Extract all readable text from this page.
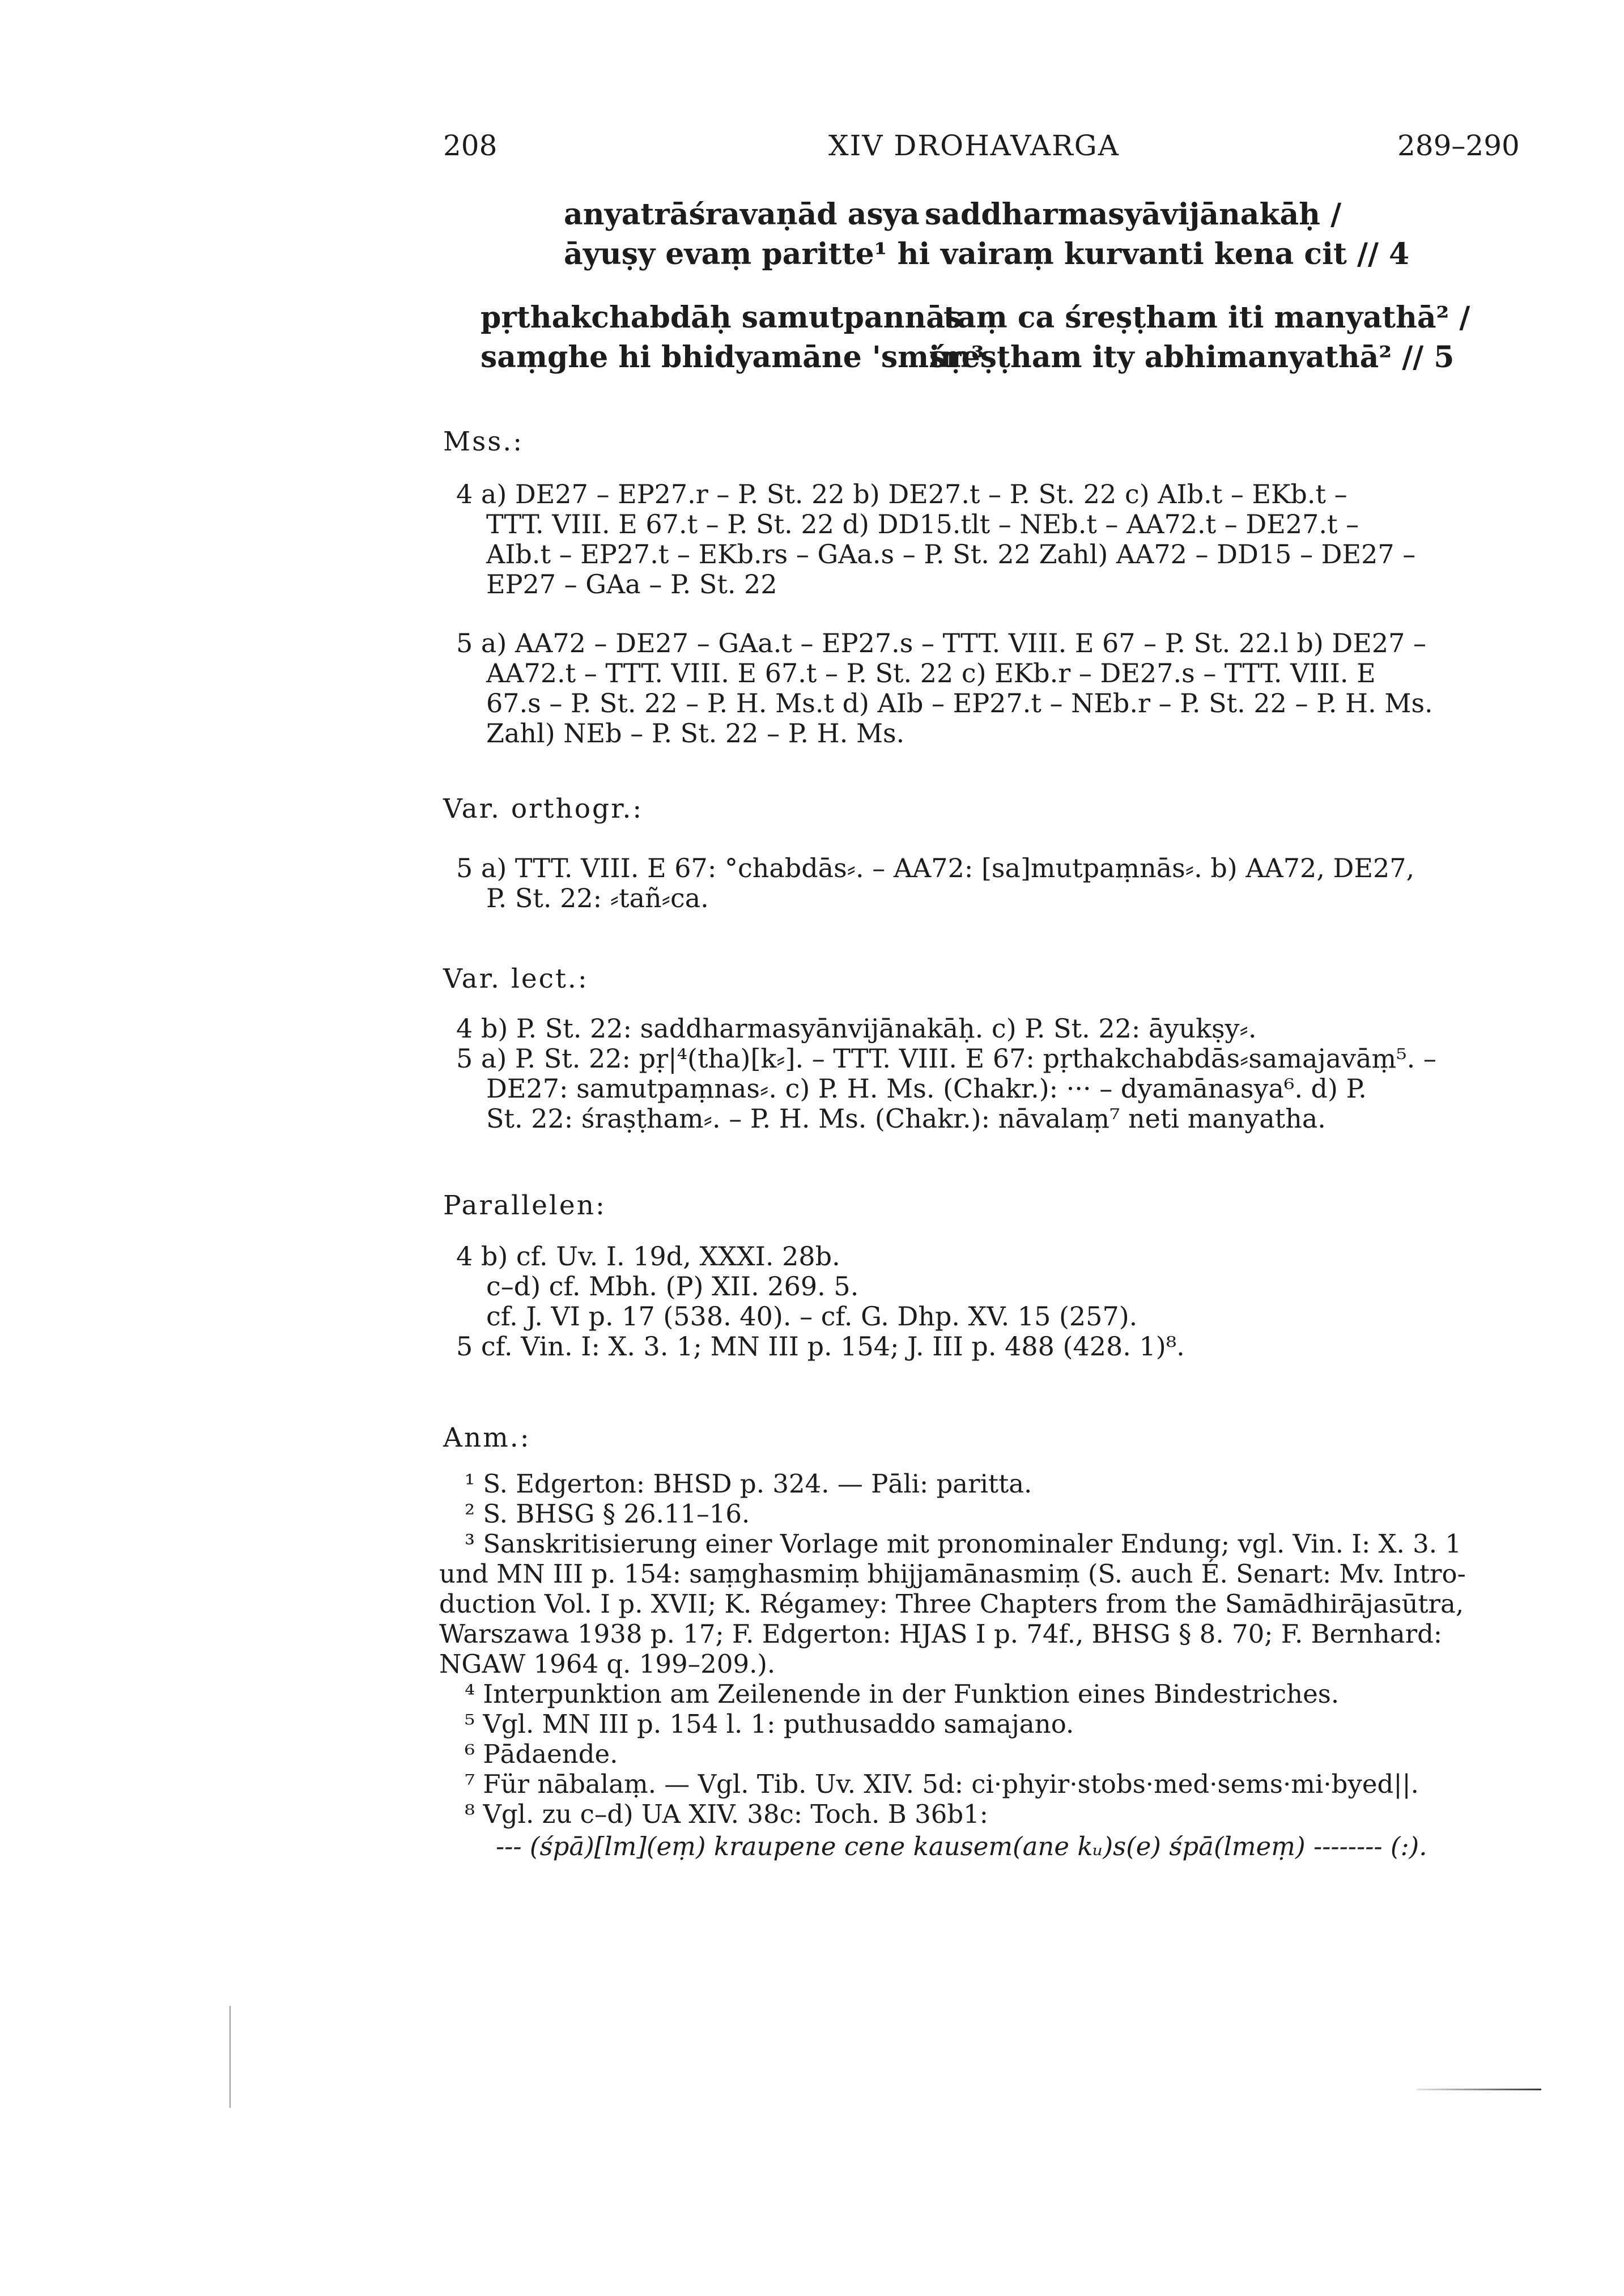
208	XIV DROHAVARGA	289–290
anyatrāśravaṇād asya saddharmasyāvijānakāḥ /
āyuṣy evaṃ paritte¹ hi vairaṃ kurvanti kena cit // 4
pṛthakchabdāḥ samutpannās
taṃ ca śreṣṭham iti manyathā² /
saṃghe hi bhidyamāne 'smiṃ³
śreṣṭham ity abhimanyathā² // 5
Mss.:
4 a) DE27 – EP27.r – P. St. 22 b) DE27.t – P. St. 22 c) AIb.t – EKb.t –
TTT. VIII. E 67.t – P. St. 22 d) DD15.tlt – NEb.t – AA72.t – DE27.t –
AIb.t – EP27.t – EKb.rs – GAa.s – P. St. 22 Zahl) AA72 – DD15 – DE27 –
EP27 – GAa – P. St. 22
5 a) AA72 – DE27 – GAa.t – EP27.s – TTT. VIII. E 67 – P. St. 22.l b) DE27 –
AA72.t – TTT. VIII. E 67.t – P. St. 22 c) EKb.r – DE27.s – TTT. VIII. E
67.s – P. St. 22 – P. H. Ms.t d) AIb – EP27.t – NEb.r – P. St. 22 – P. H. Ms.
Zahl) NEb – P. St. 22 – P. H. Ms.
Var. orthogr.:
5 a) TTT. VIII. E 67: °chabdās⸗. – AA72: [sa]mutpaṃnās⸗. b) AA72, DE27,
P. St. 22: ⸗tañ⸗ca.
Var. lect.:
4 b) P. St. 22: saddharmasyānvijānakāḥ. c) P. St. 22: āyukṣy⸗.
5 a) P. St. 22: pṛ|⁴(tha)[k⸗]. – TTT. VIII. E 67: pṛthakchabdās⸗samajavāṃ⁵. –
DE27: samutpaṃnas⸗. c) P. H. Ms. (Chakr.): ··· – dyamānasya⁶. d) P.
St. 22: śraṣṭham⸗. – P. H. Ms. (Chakr.): nāvalaṃ⁷ neti manyatha.
Parallelen:
4 b) cf. Uv. I. 19d, XXXI. 28b.
c–d) cf. Mbh. (P) XII. 269. 5.
cf. J. VI p. 17 (538. 40). – cf. G. Dhp. XV. 15 (257).
5 cf. Vin. I: X. 3. 1; MN III p. 154; J. III p. 488 (428. 1)⁸.
Anm.:
¹ S. Edgerton: BHSD p. 324. — Pāli: paritta.
² S. BHSG § 26.11–16.
³ Sanskritisierung einer Vorlage mit pronominaler Endung; vgl. Vin. I: X. 3. 1
und MN III p. 154: saṃghasmiṃ bhijjamānasmiṃ (S. auch É. Senart: Mv. Intro-
duction Vol. I p. XVII; K. Régamey: Three Chapters from the Samādhirājasūtra,
Warszawa 1938 p. 17; F. Edgerton: HJAS I p. 74f., BHSG § 8. 70; F. Bernhard:
NGAW 1964 q. 199–209.).
⁴ Interpunktion am Zeilenende in der Funktion eines Bindestriches.
⁵ Vgl. MN III p. 154 l. 1: puthusaddo samajano.
⁶ Pādaende.
⁷ Für nābalaṃ. — Vgl. Tib. Uv. XIV. 5d: ci·phyir·stobs·med·sems·mi·byed||.
⁸ Vgl. zu c–d) UA XIV. 38c: Toch. B 36b1:
--- (śpā)[lm](eṃ) kraupene cene kausem(ane kᵤ)s(e) śpā(lmeṃ) -------- (:).
